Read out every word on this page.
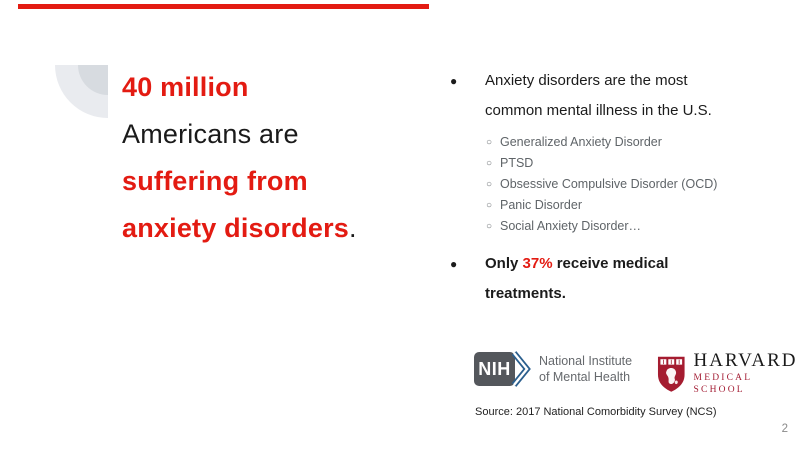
40 million
Americans are
suffering from
anxiety disorders.
●	Anxiety disorders are the most
common mental illness in the U.S.
○ Generalized Anxiety Disorder
○ PTSD
○ Obsessive Compulsive Disorder (OCD)
○ Panic Disorder
○ Social Anxiety Disorder…
●	Only 37% receive medical
treatments.
NIH National Institute
of Mental Health
HARVARD
MEDICAL SCHOOL
Source: 2017 National Comorbidity Survey (NCS)
2
